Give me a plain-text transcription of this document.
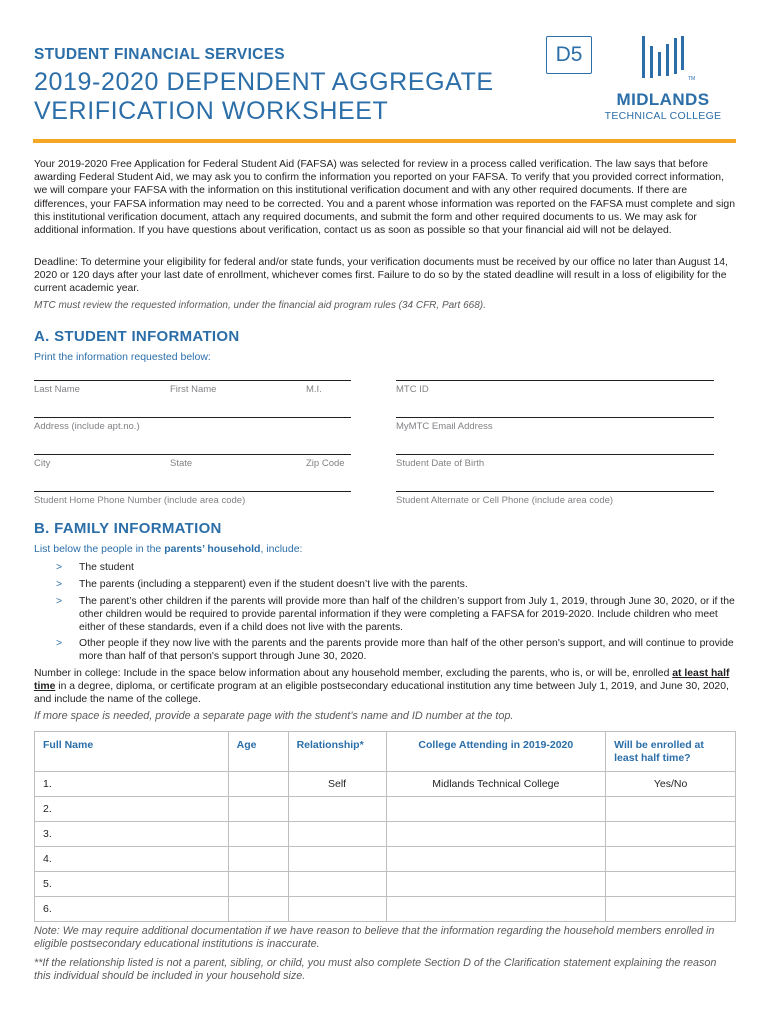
STUDENT FINANCIAL SERVICES
2019-2020 DEPENDENT AGGREGATE
VERIFICATION WORKSHEET
D5
TM
MIDLANDS
TECHNICAL COLLEGE
Your 2019-2020 Free Application for Federal Student Aid (FAFSA) was selected for review in a process called verification. The law says that before awarding Federal Student Aid, we may ask you to confirm the information you reported on your FAFSA. To verify that you provided correct information, we will compare your FAFSA with the information on this institutional verification document and with any other required documents. If there are differences, your FAFSA information may need to be corrected. You and a parent whose information was reported on the FAFSA must complete and sign this institutional verification document, attach any required documents, and submit the form and other required documents to us. We may ask for additional information. If you have questions about verification, contact us as soon as possible so that your financial aid will not be delayed.
Deadline: To determine your eligibility for federal and/or state funds, your verification documents must be received by our office no later than August 14, 2020 or 120 days after your last date of enrollment, whichever comes first. Failure to do so by the stated deadline will result in a loss of eligibility for the current academic year.
MTC must review the requested information, under the financial aid program rules (34 CFR, Part 668).
A. STUDENT INFORMATION
Print the information requested below:
Last Name	First Name	M.I.	MTC ID
Address (include apt.no.)	MyMTC Email Address
City	State	Zip Code	Student Date of Birth
Student Home Phone Number (include area code)	Student Alternate or Cell Phone (include area code)
B. FAMILY INFORMATION
List below the people in the parents’ household, include:
> The student
> The parents (including a stepparent) even if the student doesn’t live with the parents.
> The parent’s other children if the parents will provide more than half of the children’s support from July 1, 2019, through June 30, 2020, or if the other children would be required to provide parental information if they were completing a FAFSA for 2019-2020. Include children who meet either of these standards, even if a child does not live with the parents.
> Other people if they now live with the parents and the parents provide more than half of the other person's support, and will continue to provide more than half of that person's support through June 30, 2020.
Number in college: Include in the space below information about any household member, excluding the parents, who is, or will be, enrolled at least half time in a degree, diploma, or certificate program at an eligible postsecondary educational institution any time between July 1, 2019, and June 30, 2020, and include the name of the college.
If more space is needed, provide a separate page with the student’s name and ID number at the top.
Full Name	Age	Relationship*	College Attending in 2019-2020	Will be enrolled at least half time?
1.		Self	Midlands Technical College	Yes/No
2.				
3.				
4.				
5.				
6.				
Note: We may require additional documentation if we have reason to believe that the information regarding the household members enrolled in eligible postsecondary educational institutions is inaccurate.
**If the relationship listed is not a parent, sibling, or child, you must also complete Section D of the Clarification statement explaining the reason this individual should be included in your household size.
